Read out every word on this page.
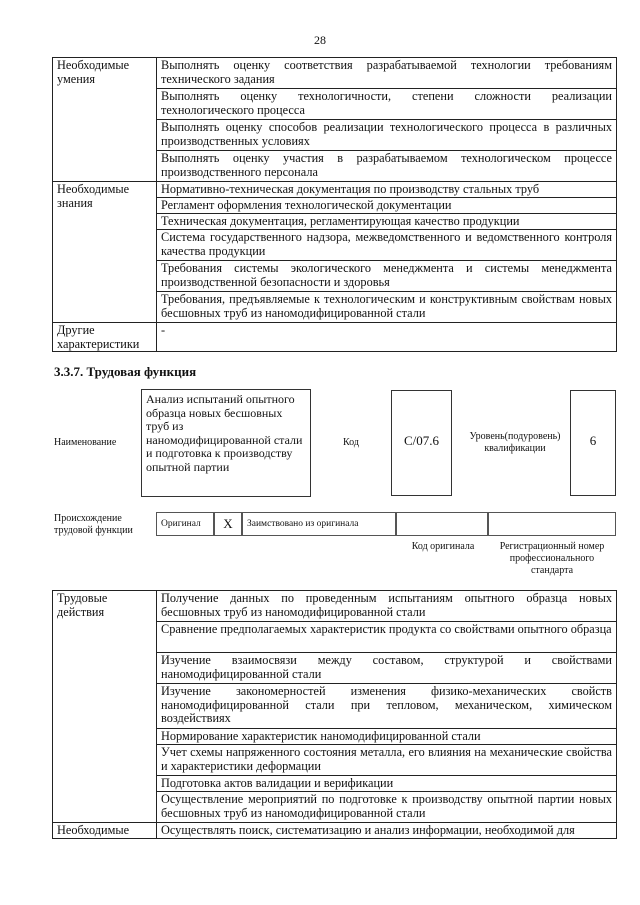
28
Необходимые умения	Выполнять оценку соответствия разрабатываемой технологии требованиям технического задания
	Выполнять оценку технологичности, степени сложности реализации технологического процесса
	Выполнять оценку способов реализации технологического процесса в различных производственных условиях
	Выполнять оценку участия в разрабатываемом технологическом процессе производственного персонала
Необходимые знания	Нормативно-техническая документация по производству стальных труб
	Регламент оформления технологической документации
	Техническая документация, регламентирующая качество продукции
	Система государственного надзора, межведомственного и ведомственного контроля качества продукции
	Требования системы экологического менеджмента и системы менеджмента производственной безопасности и здоровья
	Требования, предъявляемые к технологическим и конструктивным свойствам новых бесшовных труб из наномодифицированной стали
Другие характеристики	-
3.3.7. Трудовая функция
Наименование
Анализ испытаний опытного образца новых бесшовных труб из наномодифицированной стали и подготовка к производству опытной партии
Код	C/07.6	Уровень(подуровень) квалификации
6
Происхождение трудовой функции
Оригинал	X	Заимствовано из оригинала
Код оригинала	Регистрационный номер профессионального стандарта
Трудовые действия	Получение данных по проведенным испытаниям опытного образца новых бесшовных труб из наномодифицированной стали
	Сравнение предполагаемых характеристик продукта со свойствами опытного образца
	Изучение взаимосвязи между составом, структурой и свойствами наномодифицированной стали
	Изучение закономерностей изменения физико-механических свойств наномодифицированной стали при тепловом, механическом, химическом воздействиях
	Нормирование характеристик наномодифицированной стали
	Учет схемы напряженного состояния металла, его влияния на механические свойства и характеристики деформации
	Подготовка актов валидации и верификации
	Осуществление мероприятий по подготовке к производству опытной партии новых бесшовных труб из наномодифицированной стали
Необходимые	Осуществлять поиск, систематизацию и анализ информации, необходимой для
